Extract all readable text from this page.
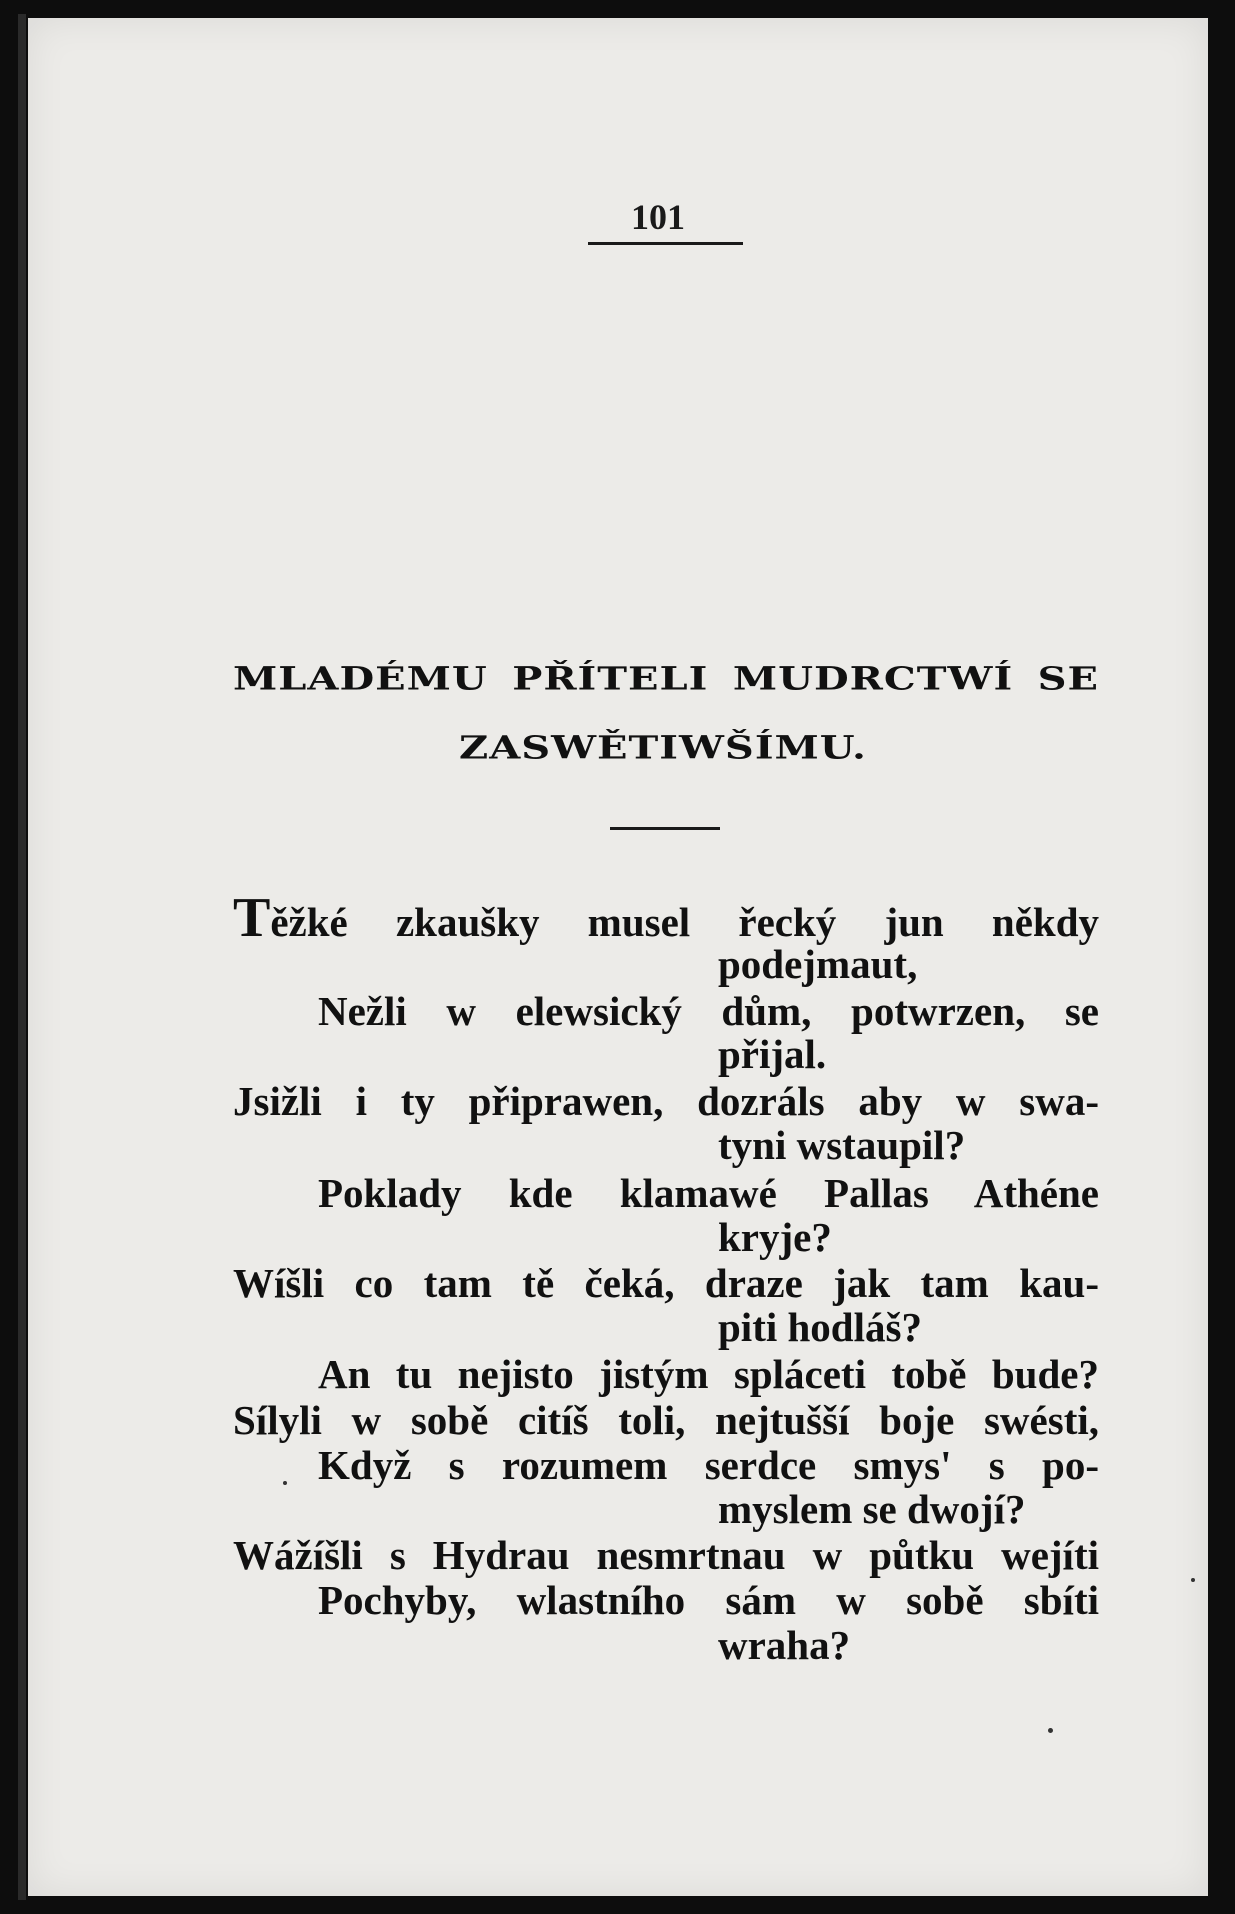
101
MLADÉMU PŘÍTELI MUDRCTWÍ SE
ZASWĚTIWŠÍMU.
Těžké zkaušky musel řecký jun někdy
podejmaut,
Nežli w elewsický dům, potwrzen, se
přijal.
Jsižli i ty připrawen, dozráls aby w swa-
tyni wstaupil?
Poklady kde klamawé Pallas Athéne
kryje?
Wíšli co tam tě čeká, draze jak tam kau-
piti hodláš?
An tu nejisto jistým spláceti tobě bude?
Sílyli w sobě citíš toli, nejtušší boje swésti,
Když s rozumem serdce smys' s po-
myslem se dwojí?
Wážíšli s Hydrau nesmrtnau w půtku wejíti
Pochyby, wlastního sám w sobě sbíti
wraha?
